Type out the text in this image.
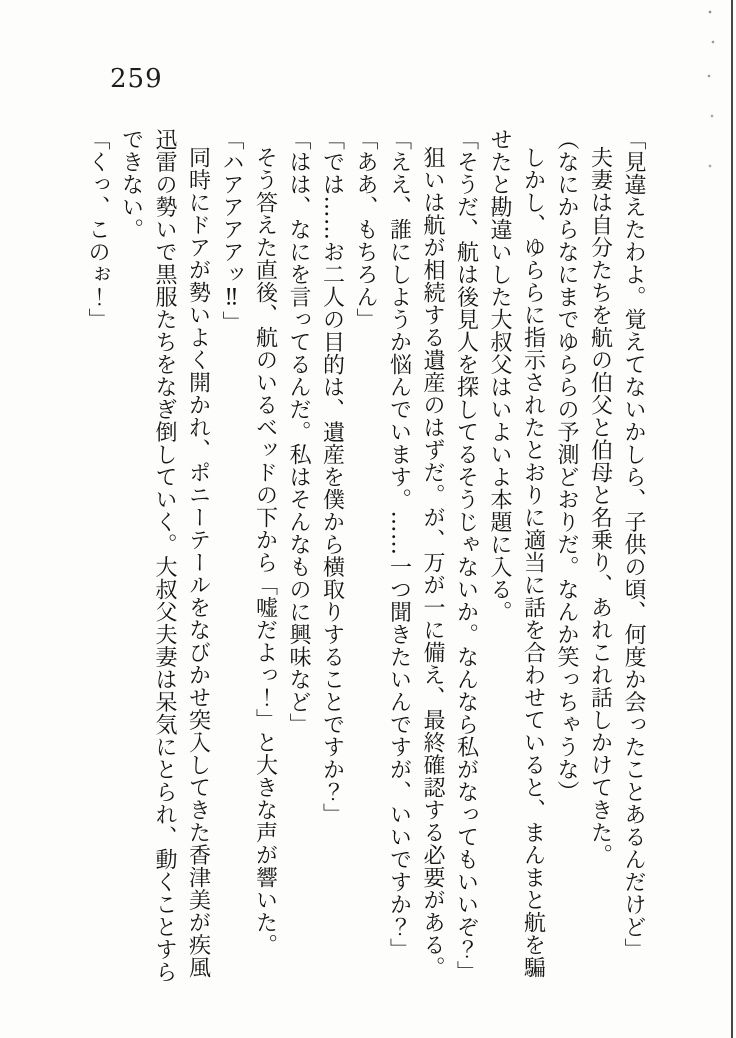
259

「見違えたわよ。覚えてないかしら、子供の頃、何度か会ったことあるんだけど」

夫妻は自分たちを航の伯父と伯母と名乗り、あれこれ話しかけてきた。

（なにからなにまでゆららの予測どおりだ。なんか笑っちゃうな）

しかし、ゆららに指示されたとおりに適当に話を合わせていると、まんまと航を騙

せたと勘違いした大叔父はいよいよ本題に入る。

「そうだ、航は後見人を探してるそうじゃないか。なんなら私がなってもいいぞ？」

狙いは航が相続する遺産のはずだ。が、万が一に備え、最終確認する必要がある。

「ええ、誰にしようか悩んでいます。……一つ聞きたいんですが、いいですか？」

「ああ、もちろん」

「では……お二人の目的は、遺産を僕から横取りすることですか？」

「はは、なにを言ってるんだ。私はそんなものに興味など」

そう答えた直後、航のいるベッドの下から「嘘だよっ！」と大きな声が響いた。

「ハアアアアッ‼」

同時にドアが勢いよく開かれ、ポニーテールをなびかせ突入してきた香津美が疾風

迅雷の勢いで黒服たちをなぎ倒していく。大叔父夫妻は呆気にとられ、動くことすら

できない。

「くっ、このぉ！」
